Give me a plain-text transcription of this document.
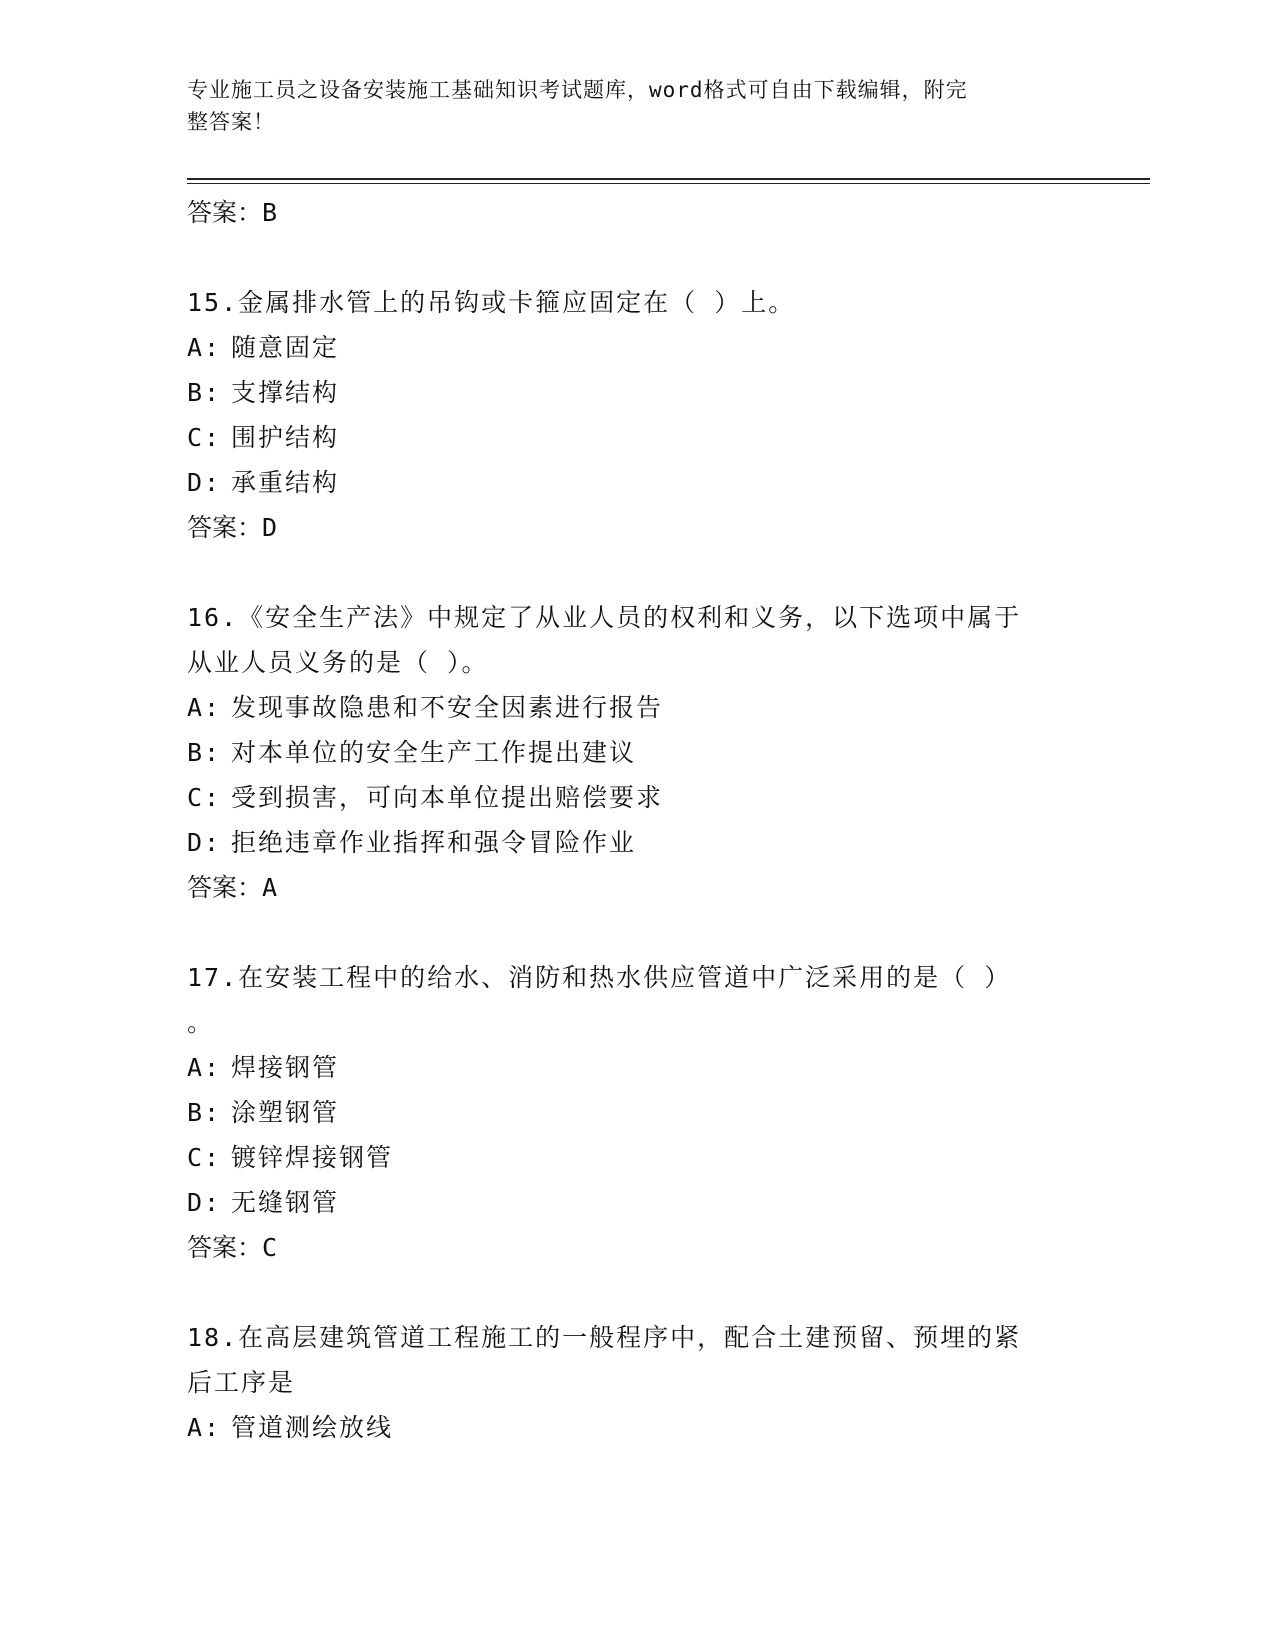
专业施工员之设备安装施工基础知识考试题库，word格式可自由下载编辑，附完
整答案！
答案：B
15.金属排水管上的吊钩或卡箍应固定在（ ）上。
A: 随意固定
B: 支撑结构
C: 围护结构
D: 承重结构
答案：D
16.《安全生产法》中规定了从业人员的权利和义务，以下选项中属于
从业人员义务的是（ ）。
A: 发现事故隐患和不安全因素进行报告
B: 对本单位的安全生产工作提出建议
C: 受到损害，可向本单位提出赔偿要求
D: 拒绝违章作业指挥和强令冒险作业
答案：A
17.在安装工程中的给水、消防和热水供应管道中广泛采用的是（ ）
。
A: 焊接钢管
B: 涂塑钢管
C: 镀锌焊接钢管
D: 无缝钢管
答案：C
18.在高层建筑管道工程施工的一般程序中，配合土建预留、预埋的紧
后工序是
A: 管道测绘放线
